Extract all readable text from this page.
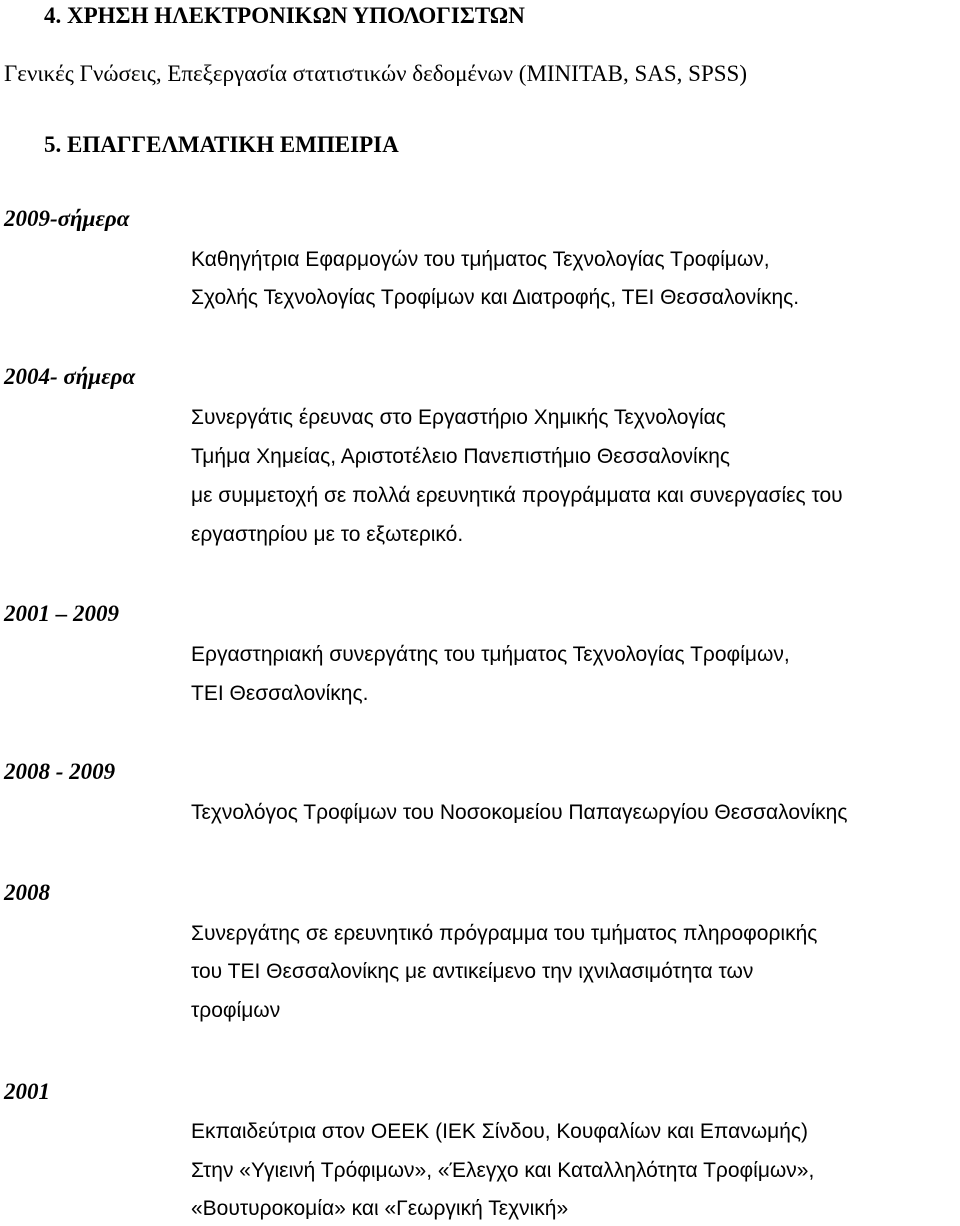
4. ΧΡΗΣΗ ΗΛΕΚΤΡΟΝΙΚΩΝ ΥΠΟΛΟΓΙΣΤΩΝ
Γενικές Γνώσεις, Επεξεργασία στατιστικών δεδομένων (MINITAB, SAS, SPSS)
5. ΕΠΑΓΓΕΛΜΑΤΙΚΗ ΕΜΠΕΙΡΙΑ
2009-σήμερα
Καθηγήτρια Εφαρμογών του τμήματος Τεχνολογίας Τροφίμων,
Σχολής Τεχνολογίας Τροφίμων και Διατροφής, ΤΕΙ Θεσσαλονίκης.
2004- σήμερα
Συνεργάτις έρευνας στο Εργαστήριο Χημικής Τεχνολογίας
Τμήμα Χημείας, Αριστοτέλειο Πανεπιστήμιο Θεσσαλονίκης
με συμμετοχή σε πολλά ερευνητικά προγράμματα και συνεργασίες του
εργαστηρίου με το εξωτερικό.
2001 – 2009
Εργαστηριακή συνεργάτης του τμήματος Τεχνολογίας Τροφίμων,
ΤΕΙ Θεσσαλονίκης.
2008 - 2009
Τεχνολόγος Τροφίμων του Νοσοκομείου Παπαγεωργίου Θεσσαλονίκης
2008
Συνεργάτης σε ερευνητικό πρόγραμμα του τμήματος πληροφορικής
του ΤΕΙ Θεσσαλονίκης με αντικείμενο την ιχνιλασιμότητα των
τροφίμων
2001
Εκπαιδεύτρια στον ΟΕΕΚ (ΙΕΚ Σίνδου, Κουφαλίων και Επανωμής)
Στην «Υγιεινή Τρόφιμων», «Έλεγχο και Καταλληλότητα Τροφίμων»,
«Βουτυροκομία» και «Γεωργική Τεχνική»
